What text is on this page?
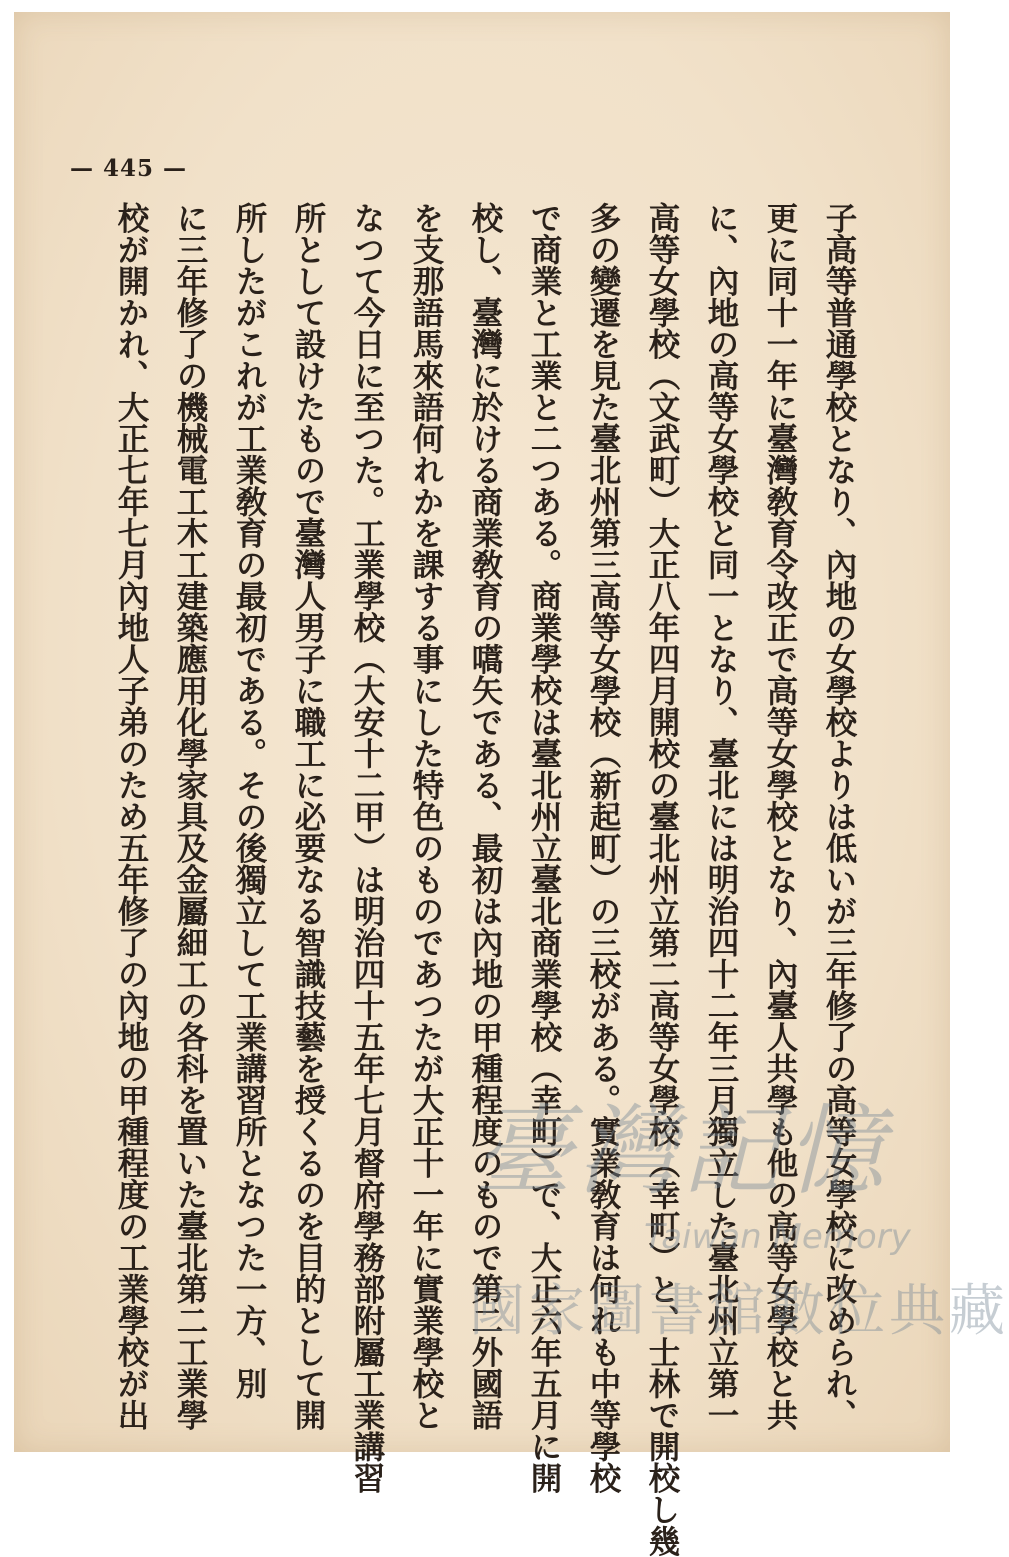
— 445 —
子高等普通學校となり、內地の女學校よりは低いが三年修了の高等女學校に改められ、
更に同十一年に臺灣敎育令改正で高等女學校となり、內臺人共學も他の高等女學校と共
に、內地の高等女學校と同一となり、臺北には明治四十二年三月獨立した臺北州立第一
高等女學校（文武町）大正八年四月開校の臺北州立第二高等女學校（幸町）と、士林で開校し幾
多の變遷を見た臺北州第三高等女學校（新起町）の三校がある。實業敎育は何れも中等學校
で商業と工業と二つある。商業學校は臺北州立臺北商業學校（幸町）で、大正六年五月に開
校し、臺灣に於ける商業敎育の嚆矢である、最初は內地の甲種程度のもので第二外國語
を支那語馬來語何れかを課する事にした特色のものであつたが大正十一年に實業學校と
なつて今日に至つた。工業學校（大安十二甲）は明治四十五年七月督府學務部附屬工業講習
所として設けたもので臺灣人男子に職工に必要なる智識技藝を授くるのを目的として開
所したがこれが工業敎育の最初である。その後獨立して工業講習所となつた一方、別
に三年修了の機械電工木工建築應用化學家具及金屬細工の各科を置いた臺北第二工業學
校が開かれ、大正七年七月內地人子弟のため五年修了の內地の甲種程度の工業學校が出	臺灣記憶
Taiwan Memory
國家圖書館數位典藏
